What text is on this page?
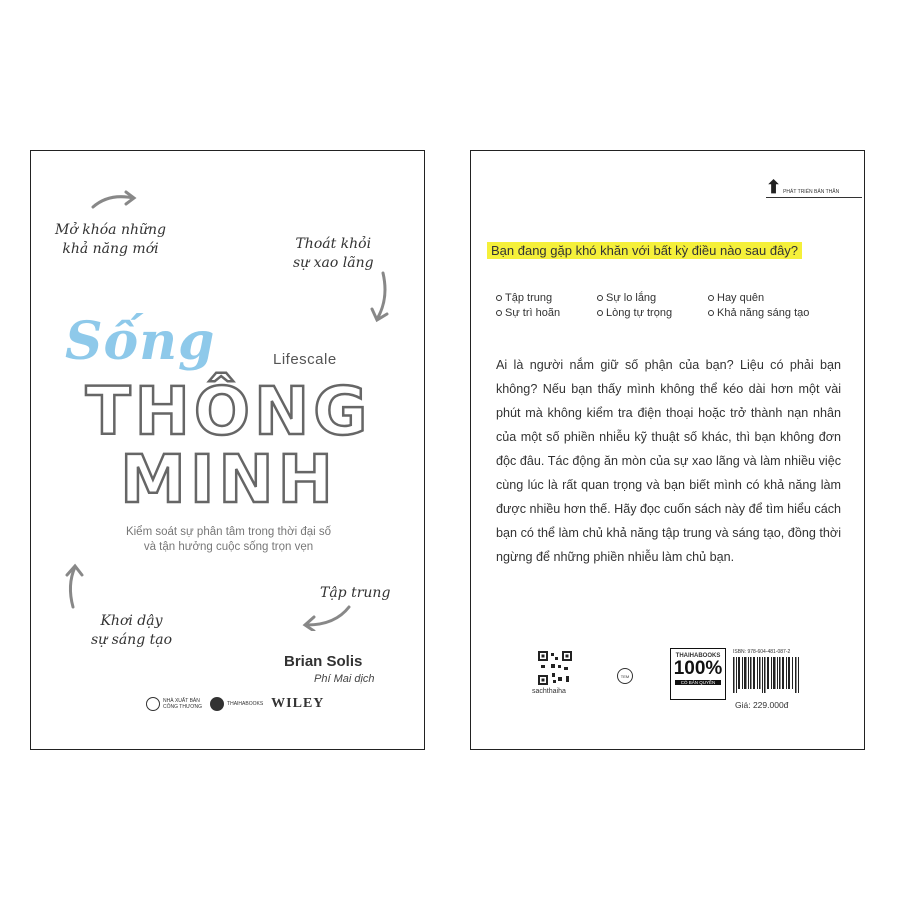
Mở khóa những
khả năng mới	Thoát khỏi
sự xao lãng
Tập trung
Khơi dậy
sự sáng tạo
Sống	Lifescale
THÔNG
MINH
Kiểm soát sự phân tâm trong thời đại số
và tận hưởng cuộc sống trọn vẹn
Brian Solis
Phí Mai dịch
NHÀ XUẤT BẢN
CÔNG THƯƠNG	THAIHABOOKS WILEY
⬆ PHÁT TRIỂN BẢN THÂN
Bạn đang gặp khó khăn với bất kỳ điều nào sau đây?
Tập trung	Sự lo lắng	Hay quên
Sự trì hoãn	Lòng tự trọng	Khả năng sáng tạo
Ai là người nắm giữ số phận của bạn? Liệu có phải bạn không? Nếu bạn thấy mình không thể kéo dài hơn một vài phút mà không kiểm tra điện thoại hoặc trở thành nạn nhân của một số phiền nhiễu kỹ thuật số khác, thì bạn không đơn độc đâu. Tác động ăn mòn của sự xao lãng và làm nhiều việc cùng lúc là rất quan trọng và bạn biết mình có khả năng làm được nhiều hơn thế. Hãy đọc cuốn sách này để tìm hiểu cách bạn có thể làm chủ khả năng tập trung và sáng tạo, đồng thời ngừng để những phiền nhiễu làm chủ bạn.
sachthaiha
TEM
THAIHABOOKS
100%
CÓ BẢN QUYỀN
ISBN: 978-604-481-087-2
Giá: 229.000đ
